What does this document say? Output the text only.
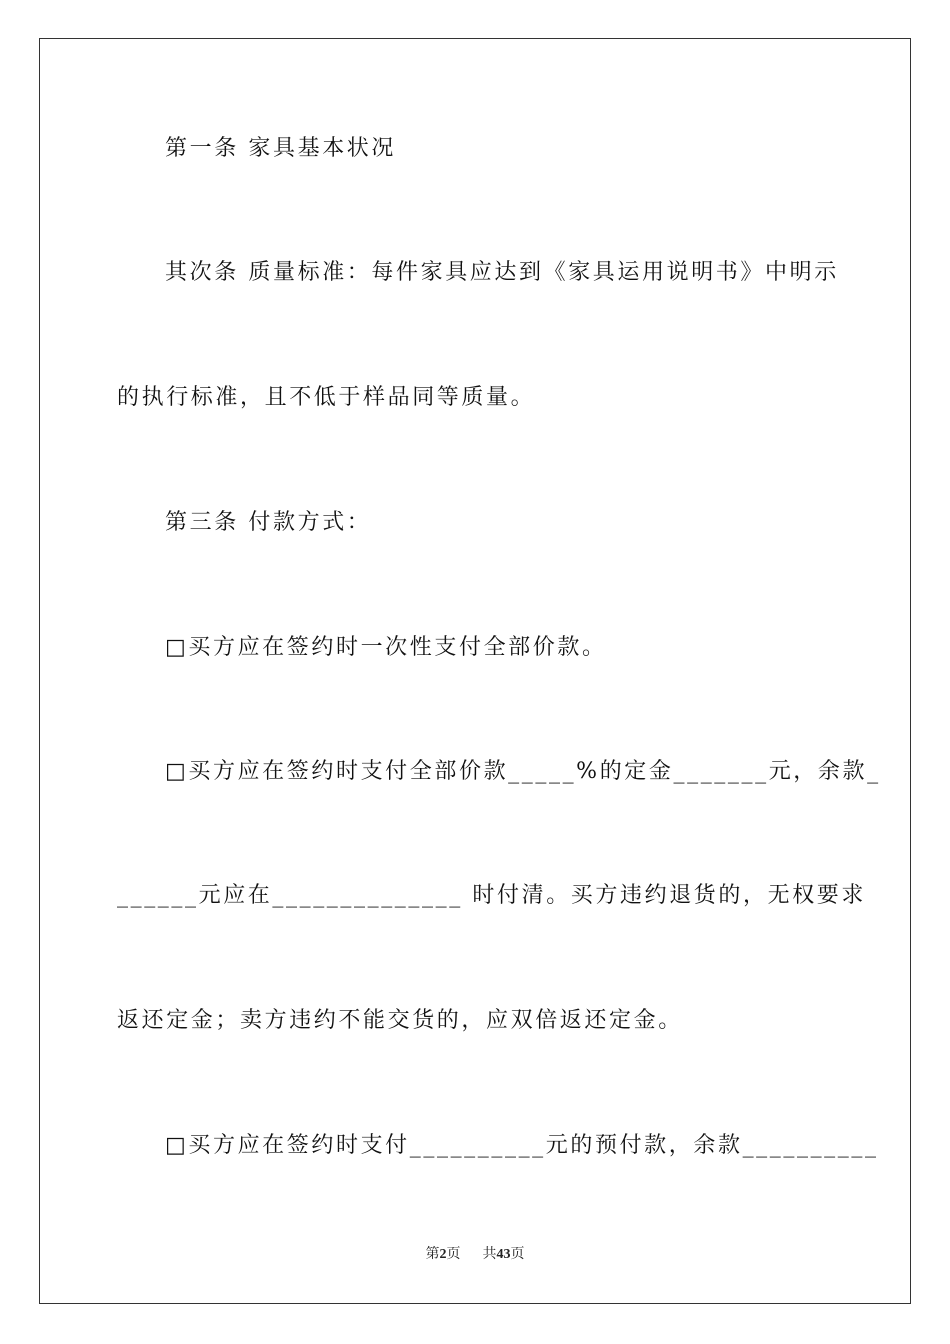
第一条 家具基本状况
其次条 质量标准：每件家具应达到《家具运用说明书》中明示
的执行标准，且不低于样品同等质量。
第三条 付款方式：
□买方应在签约时一次性支付全部价款。
□买方应在签约时支付全部价款_____%的定金_______元，余款_
______元应在______________ 时付清。买方违约退货的，无权要求
返还定金；卖方违约不能交货的，应双倍返还定金。
□买方应在签约时支付__________元的预付款，余款__________
第2页 共43页
